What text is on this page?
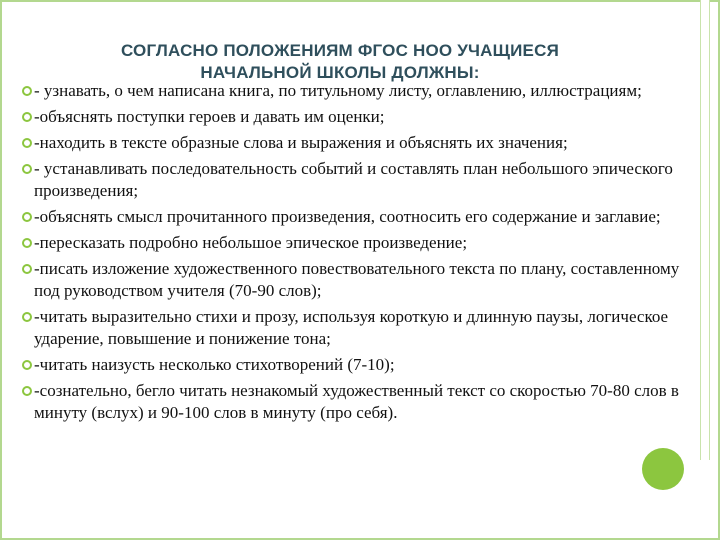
СОГЛАСНО ПОЛОЖЕНИЯМ ФГОС НОО УЧАЩИЕСЯ
НАЧАЛЬНОЙ ШКОЛЫ ДОЛЖНЫ:
- узнавать, о чем написана книга, по титульному листу, оглавлению, иллюстрациям;
-объяснять поступки героев и давать им оценки;
-находить в тексте образные слова и выражения и объяснять их значения;
- устанавливать последовательность событий и составлять план небольшого эпического произведения;
-объяснять смысл прочитанного произведения, соотносить его содержание и заглавие;
-пересказать подробно небольшое эпическое произведение;
-писать изложение художественного повествовательного текста по плану, составленному под руководством учителя (70-90 слов);
-читать выразительно стихи и прозу, используя короткую и длинную паузы, логическое ударение, повышение и понижение тона;
-читать наизусть несколько стихотворений (7-10);
-сознательно, бегло читать незнакомый художественный текст со скоростью 70-80 слов в минуту (вслух) и 90-100 слов в минуту (про себя).
